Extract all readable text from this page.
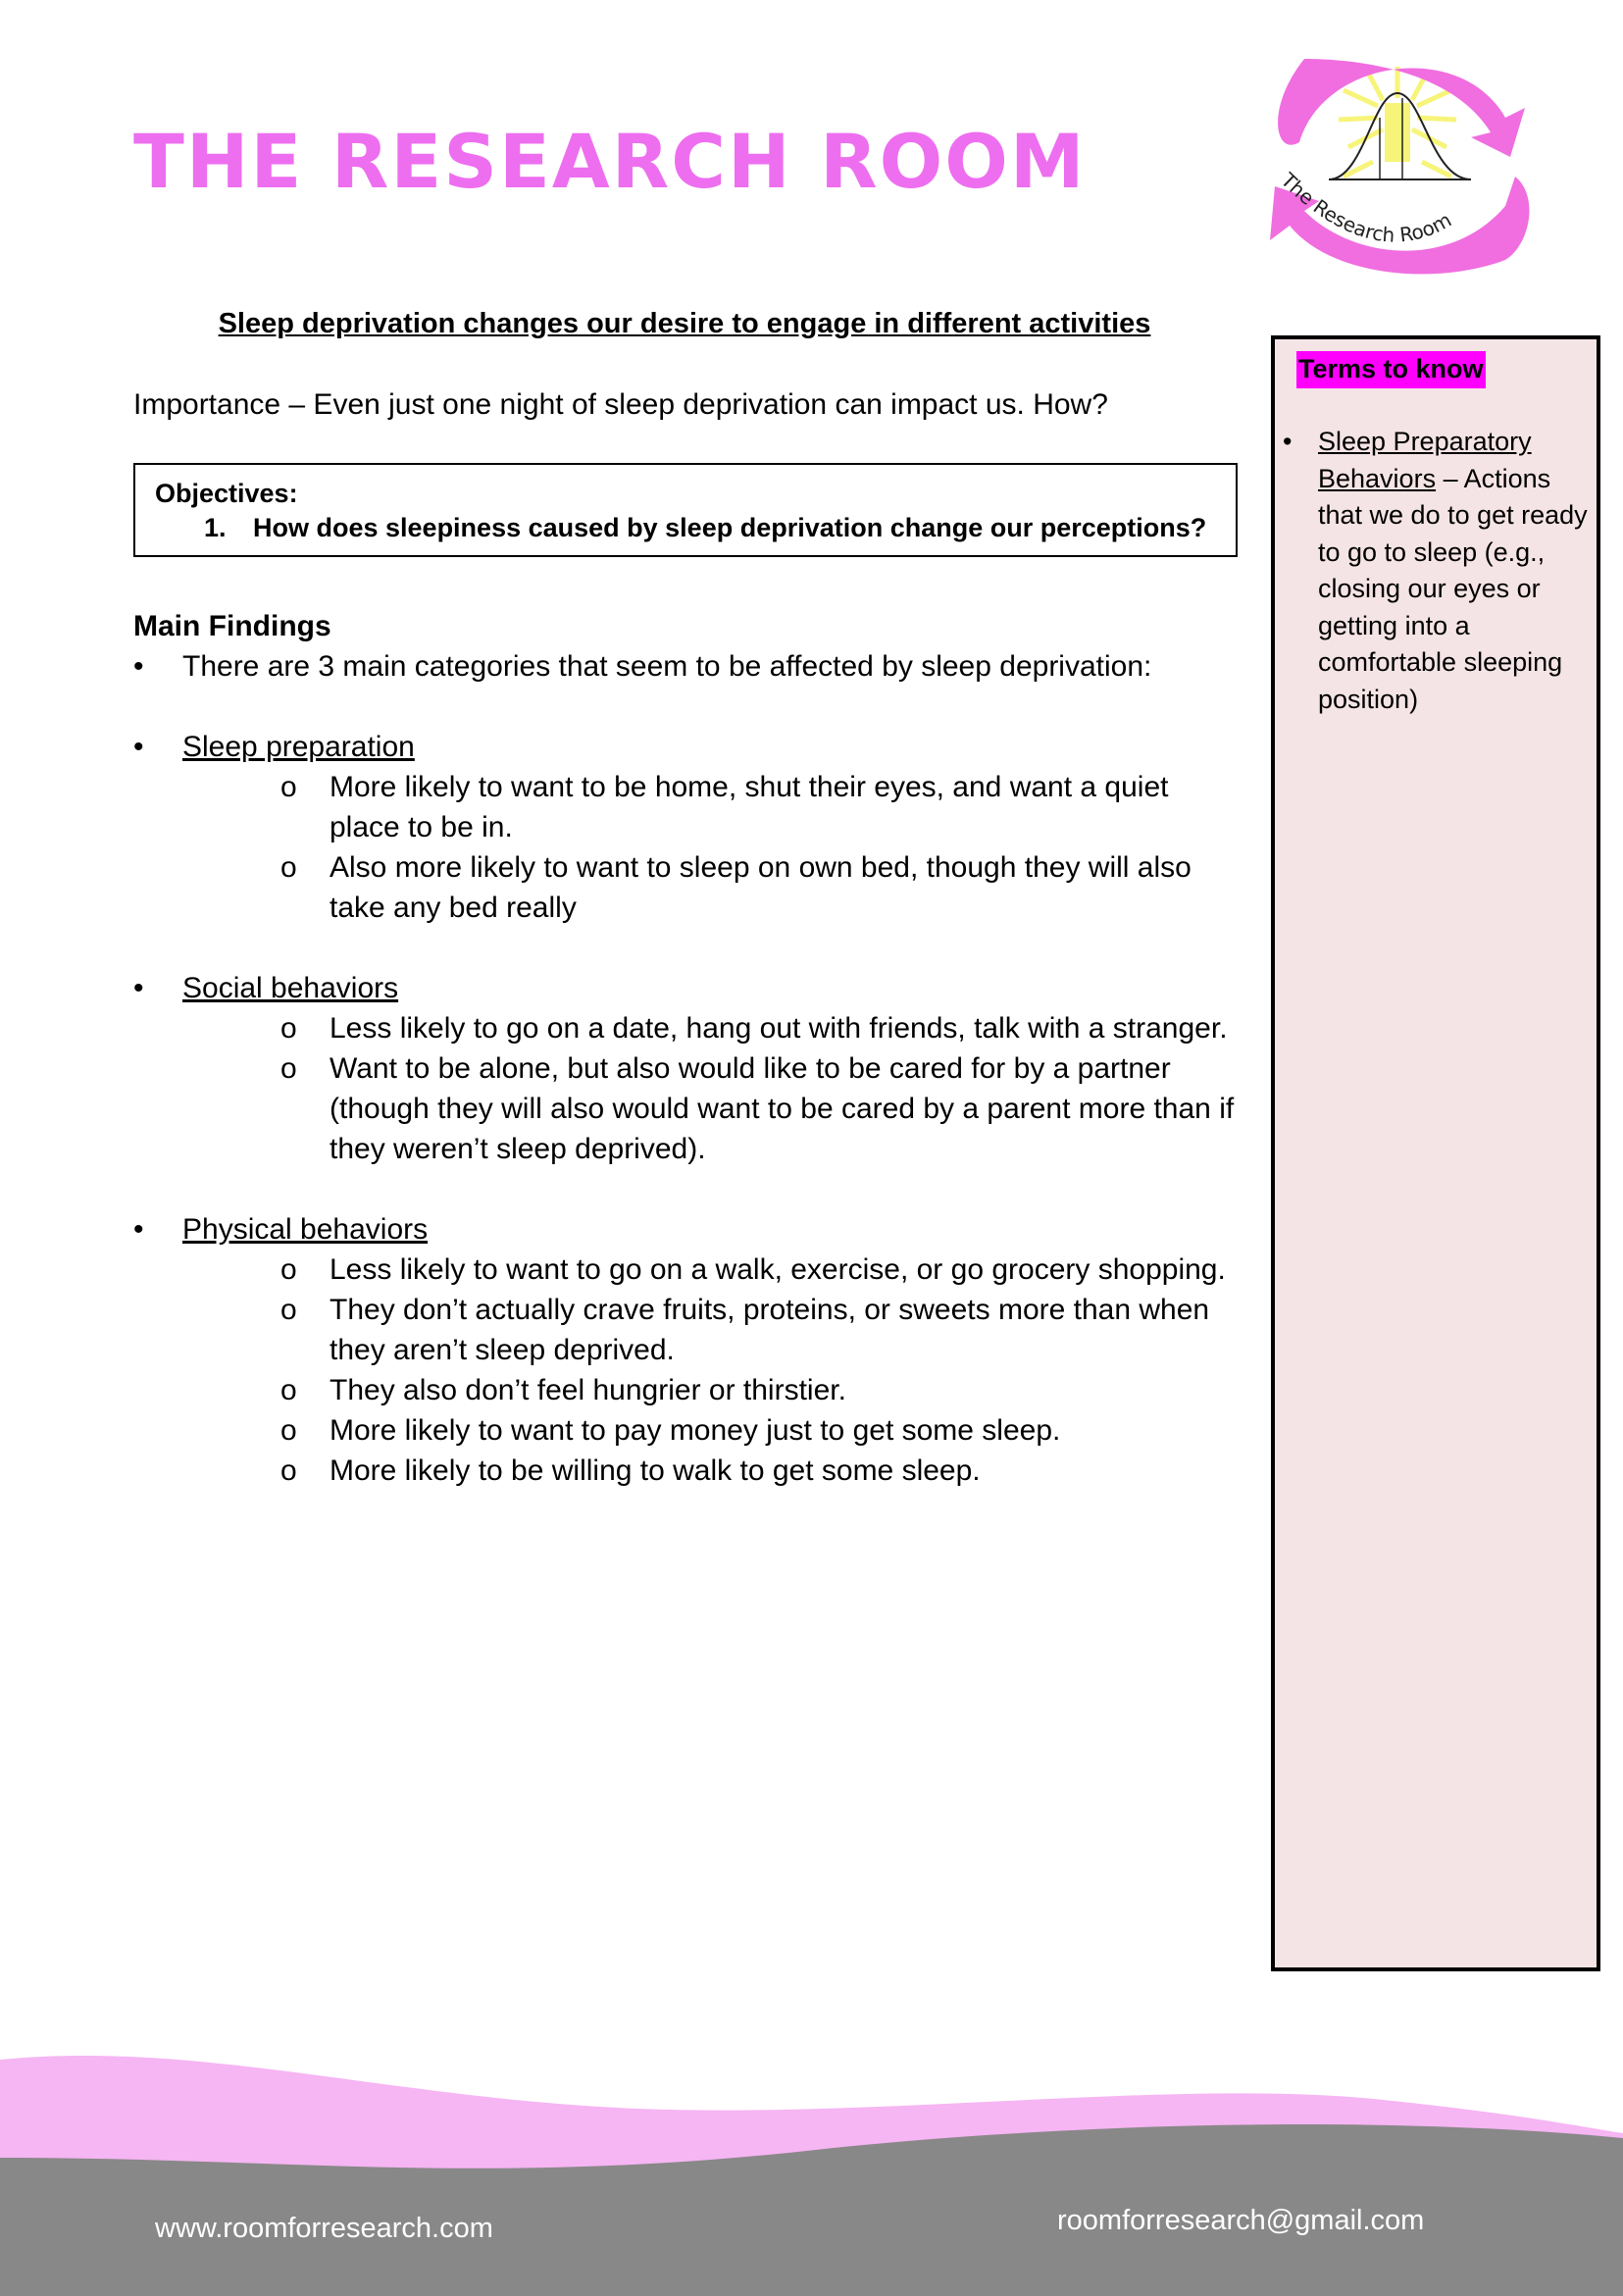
THE RESEARCH ROOM	The Research Room
Sleep deprivation changes our desire to engage in different activities

Importance – Even just one night of sleep deprivation can impact us. How?

Objectives:

1. How does sleepiness caused by sleep deprivation change our perceptions?

Main Findings

• There are 3 main categories that seem to be affected by sleep deprivation:

• Sleep preparation

o More likely to want to be home, shut their eyes, and want a quiet place to be in.

o Also more likely to want to sleep on own bed, though they will also take any bed really

• Social behaviors

o Less likely to go on a date, hang out with friends, talk with a stranger.

o Want to be alone, but also would like to be cared for by a partner (though they will also would want to be cared by a parent more than if they weren’t sleep deprived).

• Physical behaviors

o Less likely to want to go on a walk, exercise, or go grocery shopping.

o They don’t actually crave fruits, proteins, or sweets more than when they aren’t sleep deprived.

o They also don’t feel hungrier or thirstier.

o More likely to want to pay money just to get some sleep.

o More likely to be willing to walk to get some sleep.

Terms to know

• Sleep Preparatory Behaviors – Actions that we do to get ready to go to sleep (e.g., closing our eyes or getting into a comfortable sleeping position)

www.roomforresearch.com	roomforresearch@gmail.com
